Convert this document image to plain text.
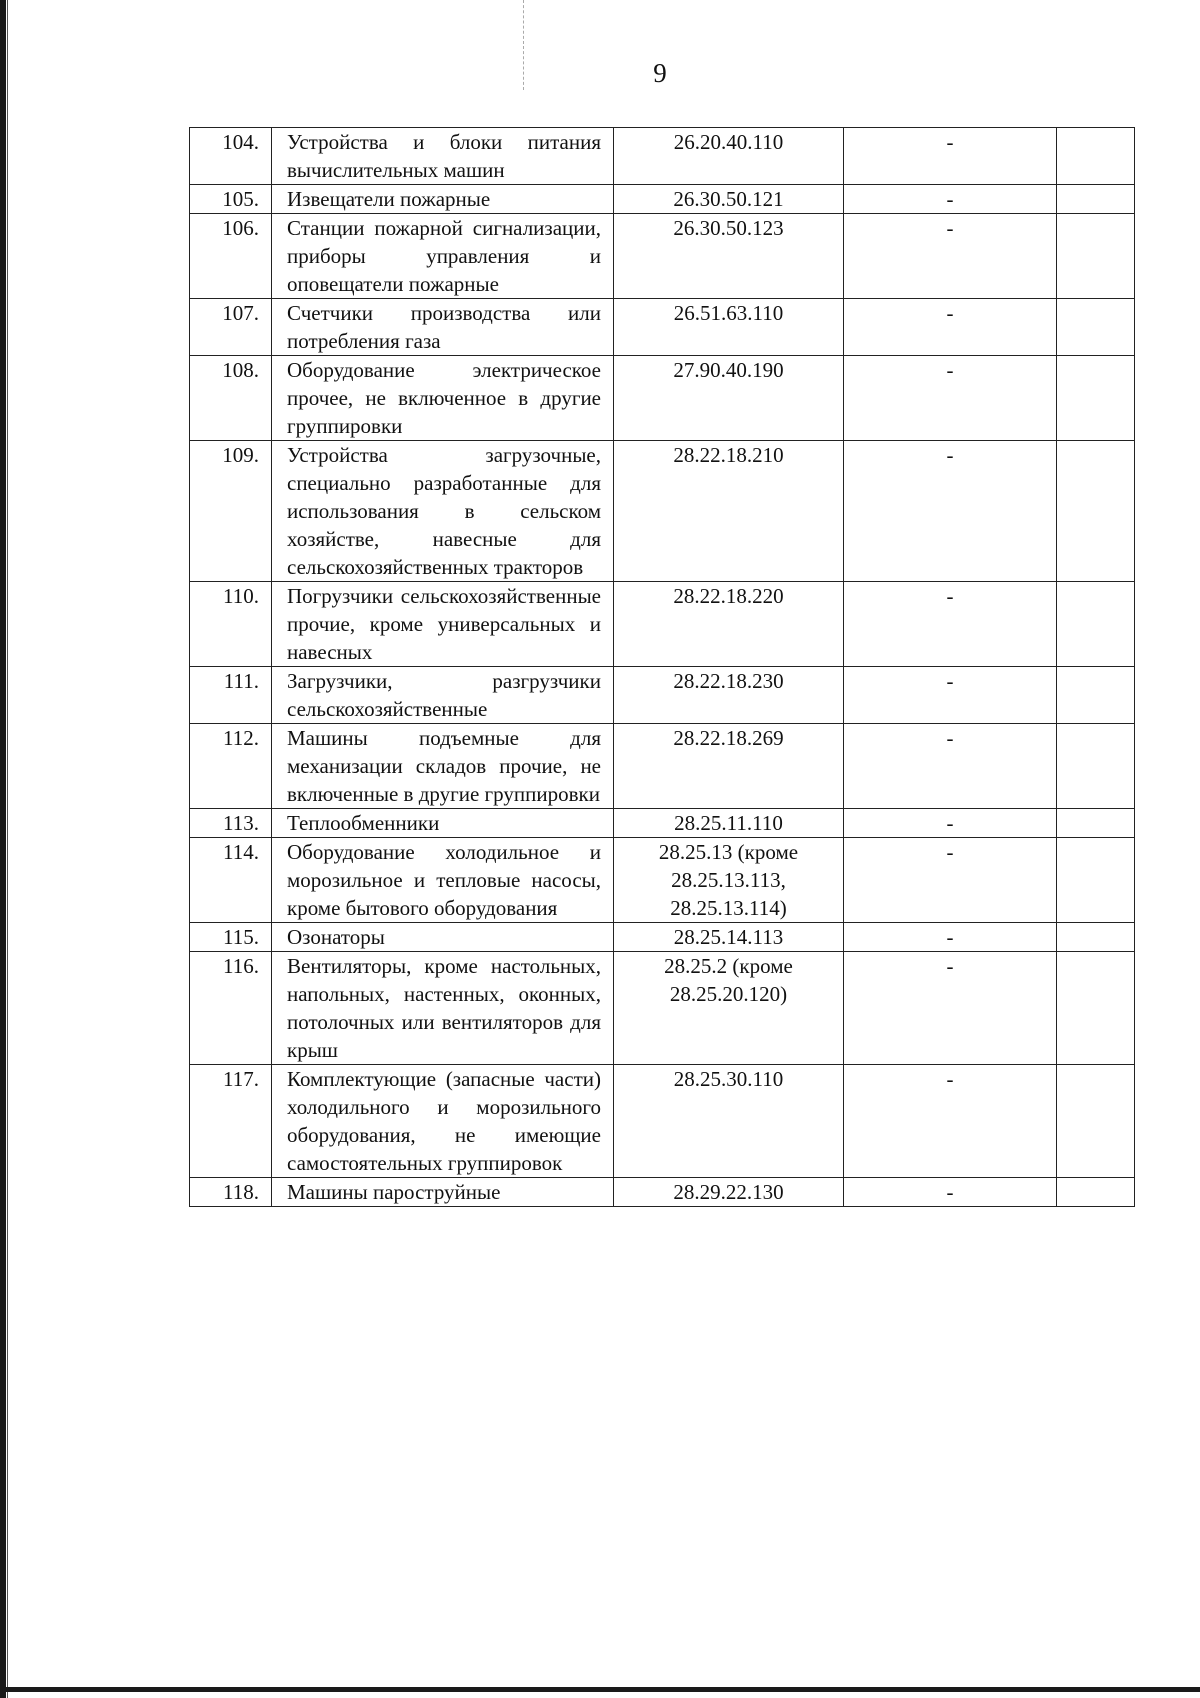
9
104.	Устройства и блоки питания вычислительных машин	26.20.40.110	-	
105.	Извещатели пожарные	26.30.50.121	-	
106.	Станции пожарной сигнализации, приборы управления и оповещатели пожарные	26.30.50.123	-	
107.	Счетчики производства или потребления газа	26.51.63.110	-	
108.	Оборудование электрическое прочее, не включенное в другие группировки	27.90.40.190	-	
109.	Устройства загрузочные, специально разработанные для использования в сельском хозяйстве, навесные для сельскохозяйственных тракторов	28.22.18.210	-	
110.	Погрузчики сельскохозяйственные прочие, кроме универсальных и навесных	28.22.18.220	-	
111.	Загрузчики, разгрузчики сельскохозяйственные	28.22.18.230	-	
112.	Машины подъемные для механизации складов прочие, не включенные в другие группировки	28.22.18.269	-	
113.	Теплообменники	28.25.11.110	-	
114.	Оборудование холодильное и морозильное и тепловые насосы, кроме бытового оборудования	28.25.13 (кроме 28.25.13.113, 28.25.13.114)	-	
115.	Озонаторы	28.25.14.113	-	
116.	Вентиляторы, кроме настольных, напольных, настенных, оконных, потолочных или вентиляторов для крыш	28.25.2 (кроме 28.25.20.120)	-	
117.	Комплектующие (запасные части) холодильного и морозильного оборудования, не имеющие самостоятельных группировок	28.25.30.110	-	
118.	Машины пароструйные	28.29.22.130	-	
